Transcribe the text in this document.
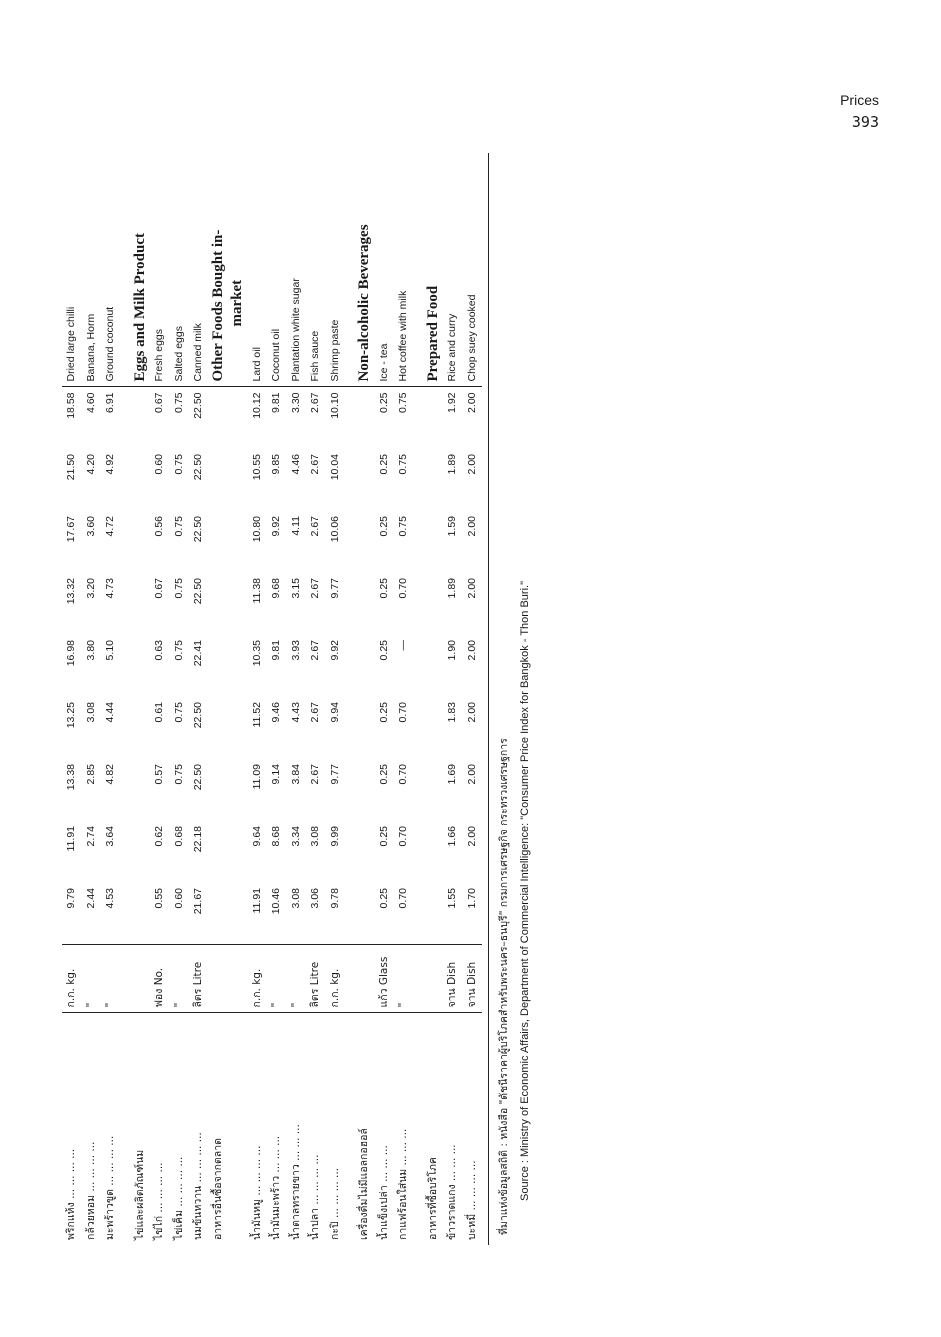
Prices
393
พริกแห้ง ... ... ... ...	ก.ก. kg.	9.79	11.91	13.38	13.25	16.98	13.32	17.67	21.50	18.58	Dried large chilli
กล้วยหอม ... ... ... ...	"	2.44	2.74	2.85	3.08	3.80	3.20	3.60	4.20	4.60	Banana, Horm
มะพร้าวขูด ... ... ... ...	"	4.53	3.64	4.82	4.44	5.10	4.73	4.72	4.92	6.91	Ground coconut

ไข่และผลิตภัณฑ์นม											Eggs and Milk Product
ไข่ไก่ ... ... ... ...	ฟอง No.	0.55	0.62	0.57	0.61	0.63	0.67	0.56	0.60	0.67	Fresh eggs
ไข่เค็ม ... ... ... ...	"	0.60	0.68	0.75	0.75	0.75	0.75	0.75	0.75	0.75	Salted eggs
นมข้นหวาน ... ... ... ...	ลิตร Litre	21.67	22.18	22.50	22.50	22.41	22.50	22.50	22.50	22.50	Canned milk
อาหารอื่นซื้อจากตลาด											Other Foods Bought in-
											market
น้ำมันหมู ... ... ... ...	ก.ก. kg.	11.91	9.64	11.09	11.52	10.35	11.38	10.80	10.55	10.12	Lard oil
น้ำมันมะพร้าว ... ... ...	"	10.46	8.68	9.14	9.46	9.81	9.68	9.92	9.85	9.81	Coconut oil
น้ำตาลทรายขาว ... ... ...	"	3.08	3.34	3.84	4.43	3.93	3.15	4.11	4.46	3.30	Plantation white sugar
น้ำปลา ... ... ... ...	ลิตร Litre	3.06	3.08	2.67	2.67	2.67	2.67	2.67	2.67	2.67	Fish sauce
กะปิ ... ... ... ...	ก.ก. kg.	9.78	9.99	9.77	9.94	9.92	9.77	10.06	10.04	10.10	Shrimp paste

เครื่องดื่มไม่มีแอลกอฮอล์											Non-alcoholic Beverages
น้ำแข็งเปล่า ... ... ...	แก้ว Glass	0.25	0.25	0.25	0.25	0.25	0.25	0.25	0.25	0.25	Ice - tea
กาแฟร้อนใส่นม ... ... ...	"	0.70	0.70	0.70	0.70	—	0.70	0.75	0.75	0.75	Hot coffee with milk

อาหารที่ซื้อบริโภค											Prepared Food
ข้าวราดแกง ... ... ...	จาน Dish	1.55	1.66	1.69	1.83	1.90	1.89	1.59	1.89	1.92	Rice and curry
บะหมี่ ... ... ... ...	จาน Dish	1.70	2.00	2.00	2.00	2.00	2.00	2.00	2.00	2.00	Chop suey cooked
ที่มาแห่งข้อมูลสถิติ : หนังสือ "ดัชนีราคาผู้บริโภคสำหรับพระนคร–ธนบุรี" กรมการเศรษฐกิจ กระทรวงเศรษฐการ Source : Ministry of Economic Affairs, Department of Commercial Intelligence: "Consumer Price Index for Bangkok - Thon Buri."
